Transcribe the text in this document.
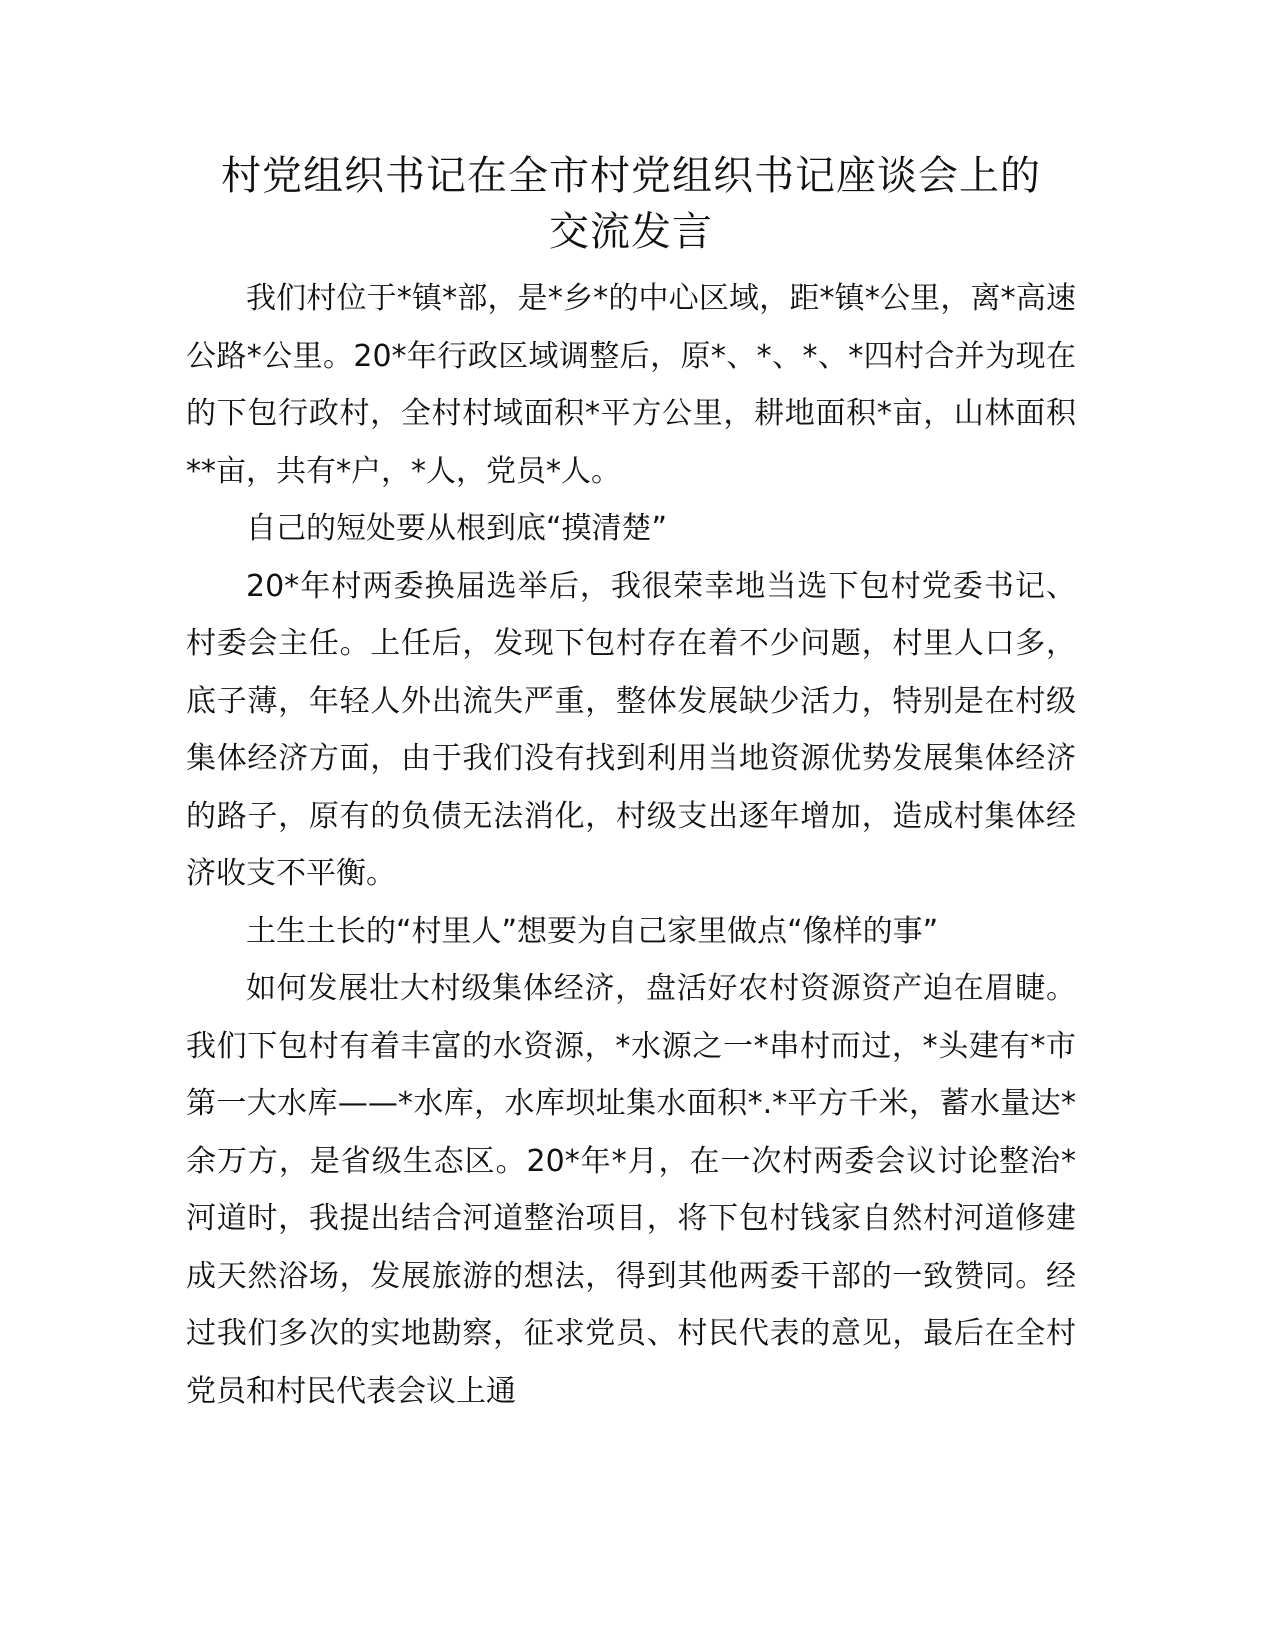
村党组织书记在全市村党组织书记座谈会上的
交流发言

我们村位于*镇*部，是*乡*的中心区域，距*镇*公里，离*高速公路*公里。20*年行政区域调整后，原*、*、*、*四村合并为现在的下包行政村，全村村域面积*平方公里，耕地面积*亩，山林面积**亩，共有*户，*人，党员*人。

自己的短处要从根到底“摸清楚”

20*年村两委换届选举后，我很荣幸地当选下包村党委书记、村委会主任。上任后，发现下包村存在着不少问题，村里人口多，底子薄，年轻人外出流失严重，整体发展缺少活力，特别是在村级集体经济方面，由于我们没有找到利用当地资源优势发展集体经济的路子，原有的负债无法消化，村级支出逐年增加，造成村集体经济收支不平衡。

土生土长的“村里人”想要为自己家里做点“像样的事”

如何发展壮大村级集体经济，盘活好农村资源资产迫在眉睫。我们下包村有着丰富的水资源，*水源之一*串村而过，*头建有*市第一大水库——*水库，水库坝址集水面积*.*平方千米，蓄水量达*余万方，是省级生态区。20*年*月，在一次村两委会议讨论整治*河道时，我提出结合河道整治项目，将下包村钱家自然村河道修建成天然浴场，发展旅游的想法，得到其他两委干部的一致赞同。经过我们多次的实地勘察，征求党员、村民代表的意见，最后在全村党员和村民代表会议上通
